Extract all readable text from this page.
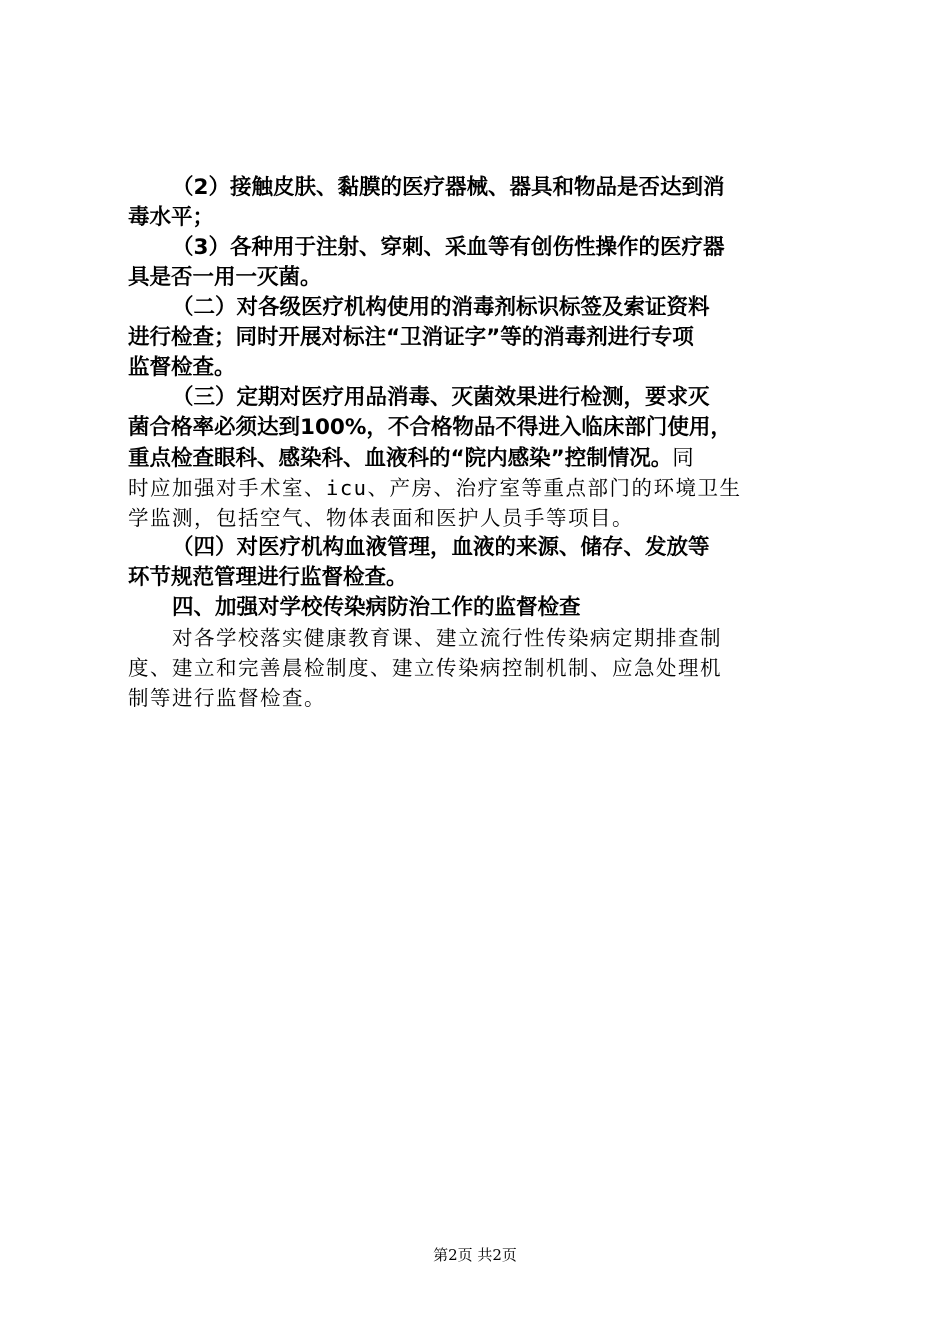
（2）接触皮肤、黏膜的医疗器械、器具和物品是否达到消
毒水平；
（3）各种用于注射、穿刺、采血等有创伤性操作的医疗器
具是否一用一灭菌。
（二）对各级医疗机构使用的消毒剂标识标签及索证资料
进行检查；同时开展对标注“卫消证字”等的消毒剂进行专项
监督检查。
（三）定期对医疗用品消毒、灭菌效果进行检测，要求灭
菌合格率必须达到100%，不合格物品不得进入临床部门使用，
重点检查眼科、感染科、血液科的“院内感染”控制情况。同
时应加强对手术室、icu、产房、治疗室等重点部门的环境卫生
学监测，包括空气、物体表面和医护人员手等项目。
（四）对医疗机构血液管理，血液的来源、储存、发放等
环节规范管理进行监督检查。
四、加强对学校传染病防治工作的监督检查
对各学校落实健康教育课、建立流行性传染病定期排查制
度、建立和完善晨检制度、建立传染病控制机制、应急处理机
制等进行监督检查。
第2页 共2页
